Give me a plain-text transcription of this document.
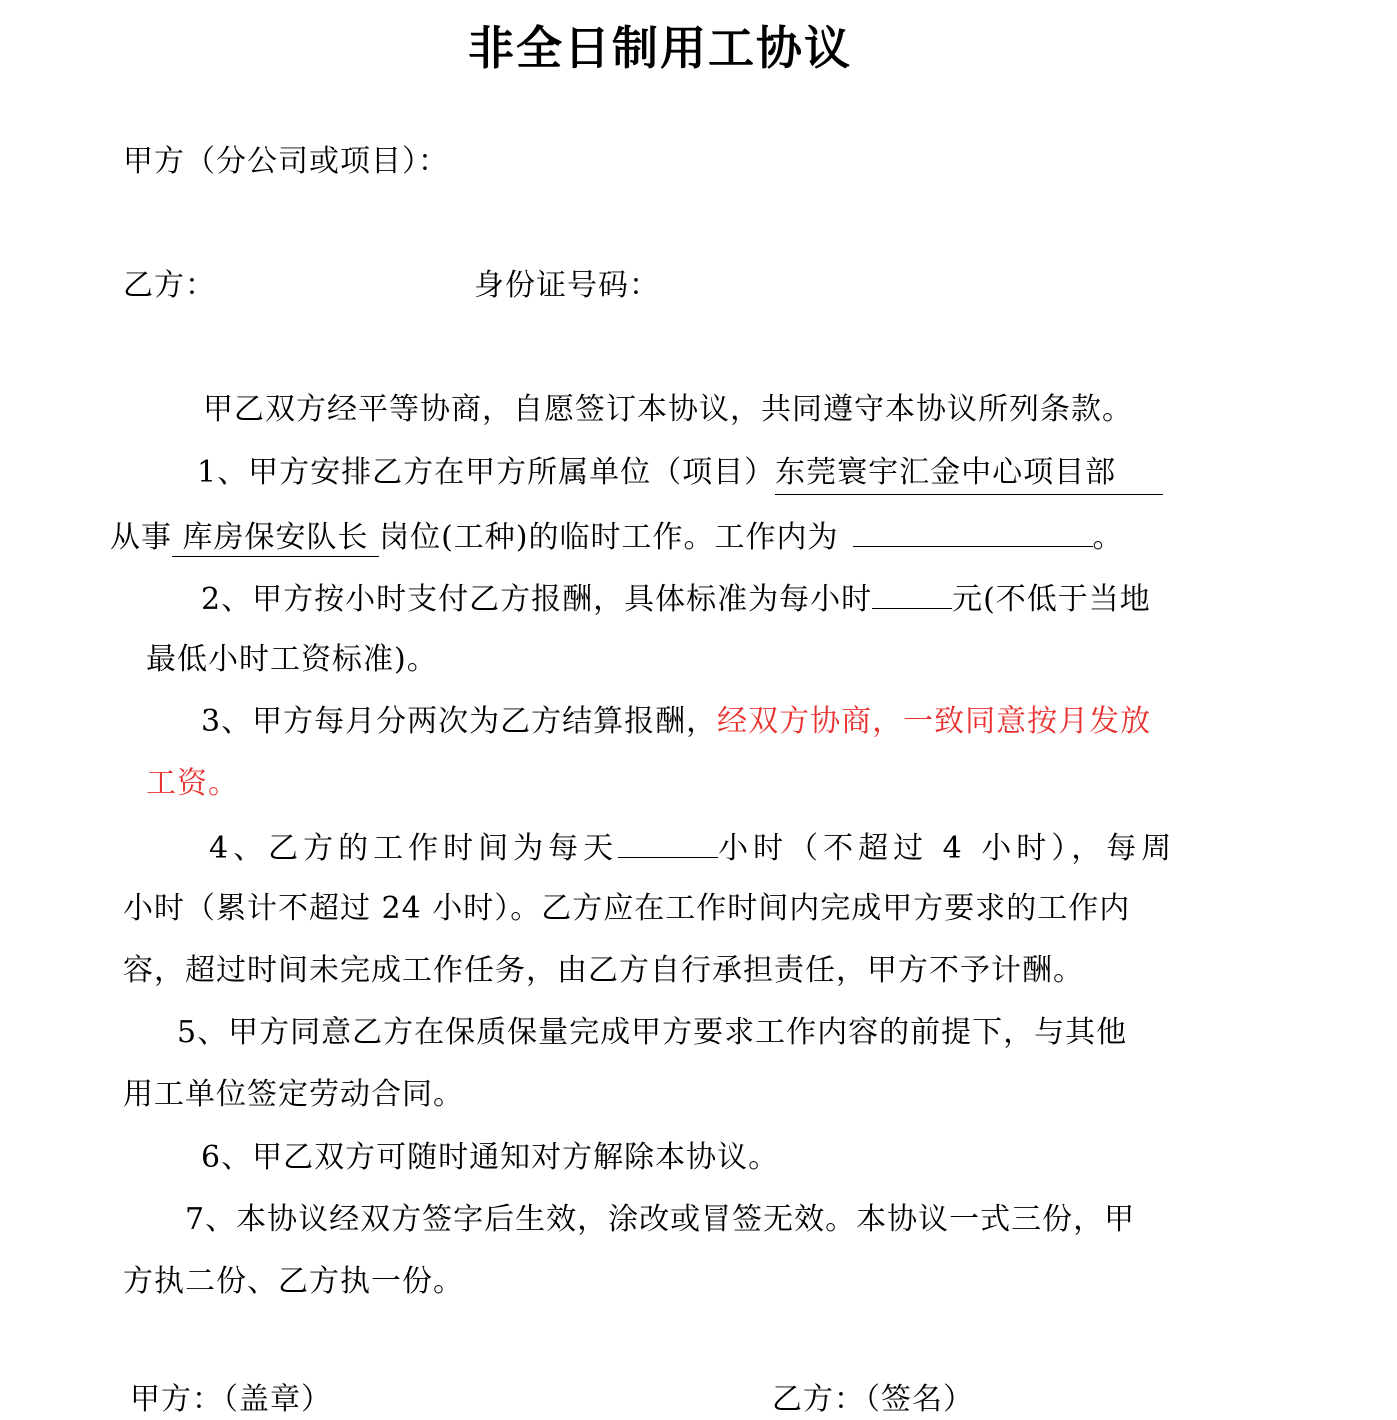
非全日制用工协议
甲方（分公司或项目）：
乙方：	身份证号码：
甲乙双方经平等协商，自愿签订本协议，共同遵守本协议所列条款。
1、甲方安排乙方在甲方所属单位（项目）东莞寰宇汇金中心项目部
从事 库房保安队长 岗位(工种)的临时工作。工作内为	。
2、甲方按小时支付乙方报酬，具体标准为每小时	元(不低于当地
最低小时工资标准)。
3、甲方每月分两次为乙方结算报酬，经双方协商，一致同意按月发放
工资。
4、乙方的工作时间为每天	小时（不超过 4 小时），每周
小时（累计不超过 24 小时）。乙方应在工作时间内完成甲方要求的工作内
容，超过时间未完成工作任务，由乙方自行承担责任，甲方不予计酬。
5、甲方同意乙方在保质保量完成甲方要求工作内容的前提下，与其他
用工单位签定劳动合同。
6、甲乙双方可随时通知对方解除本协议。
7、本协议经双方签字后生效，涂改或冒签无效。本协议一式三份，甲
方执二份、乙方执一份。
甲方：（盖章）	乙方：（签名）
